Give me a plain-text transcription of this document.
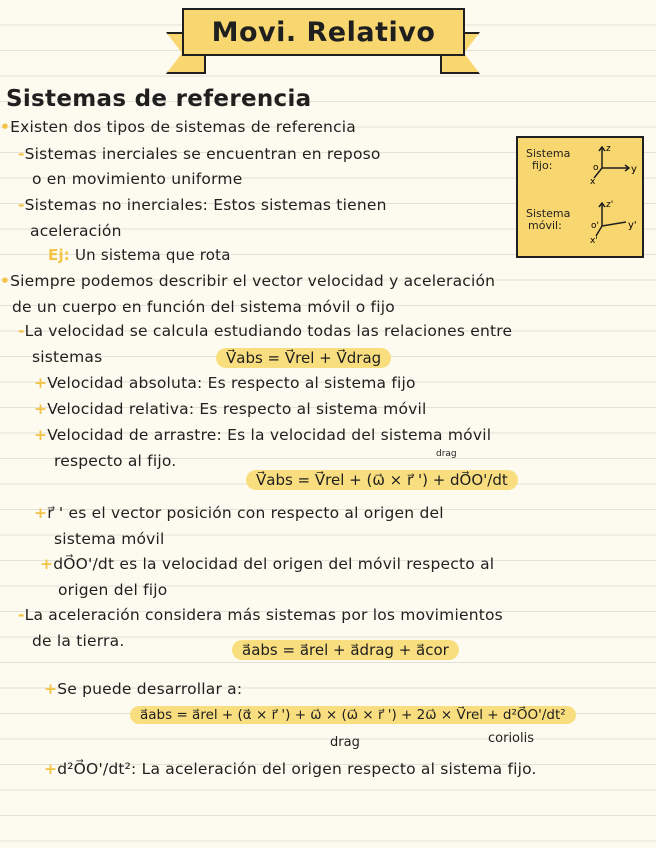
Movi. Relativo
Sistemas de referencia
Sistema
fijo:
z
y
x
o
Sistema
móvil:
z'
y'
x'
o'
•Existen dos tipos de sistemas de referencia
-Sistemas inerciales se encuentran en reposo
o en movimiento uniforme
-Sistemas no inerciales: Estos sistemas tienen
aceleración
Ej: Un sistema que rota
•Siempre podemos describir el vector velocidad y aceleración
de un cuerpo en función del sistema móvil o fijo
-La velocidad se calcula estudiando todas las relaciones entre
sistemas	V⃗abs = V⃗rel + V⃗drag
+Velocidad absoluta: Es respecto al sistema fijo
+Velocidad relativa: Es respecto al sistema móvil
+Velocidad de arrastre: Es la velocidad del sistema móvil
respecto al fijo.	drag
V⃗abs = V⃗rel + (ω⃗ × r⃗ ') + dO⃗O'/dt
+r⃗ ' es el vector posición con respecto al origen del
sistema móvil
+dO⃗O'/dt es la velocidad del origen del móvil respecto al
origen del fijo
-La aceleración considera más sistemas por los movimientos
de la tierra.	a⃗abs = a⃗rel + a⃗drag + a⃗cor
+Se puede desarrollar a:
a⃗abs = a⃗rel + (α⃗ × r⃗ ') + ω⃗ × (ω⃗ × r⃗ ') + 2ω⃗ × V⃗rel + d²O⃗O'/dt²
drag	coriolis
+d²O⃗O'/dt²: La aceleración del origen respecto al sistema fijo.
